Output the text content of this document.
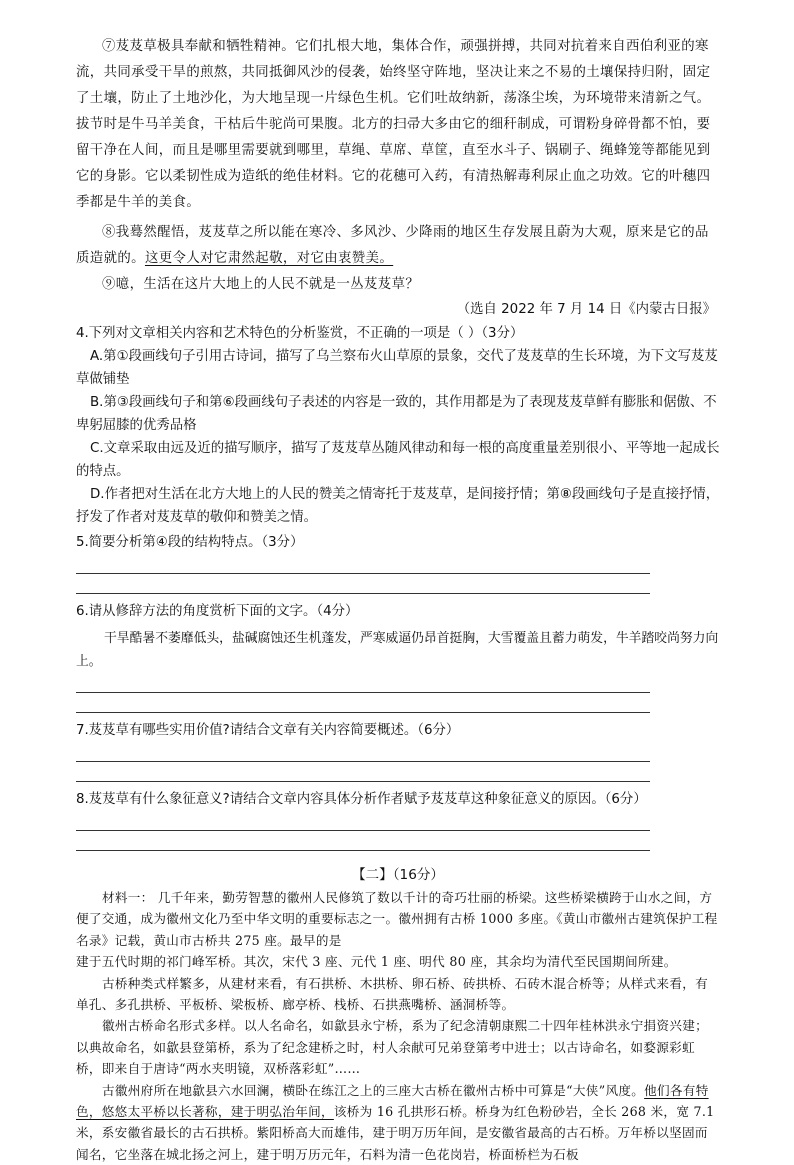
⑦芨芨草极具奉献和牺牲精神。它们扎根大地，集体合作，顽强拼搏，共同对抗着来自西伯利亚的寒流，共同承受干旱的煎熬，共同抵御风沙的侵袭，始终坚守阵地，坚决让来之不易的土壤保持归附，固定了土壤，防止了土地沙化，为大地呈现一片绿色生机。它们吐故纳新，荡涤尘埃，为环境带来清新之气。拔节时是牛马羊美食，干枯后牛驼尚可果腹。北方的扫帚大多由它的细秆制成，可谓粉身碎骨都不怕，要留干净在人间，而且是哪里需要就到哪里，草绳、草席、草筐，直至水斗子、锅刷子、绳蜂笼等都能见到它的身影。它以柔韧性成为造纸的绝佳材料。它的花穗可入药，有清热解毒利尿止血之功效。它的叶穗四季都是牛羊的美食。

⑧我蓦然醒悟，芨芨草之所以能在寒冷、多风沙、少降雨的地区生存发展且蔚为大观，原来是它的品质造就的。这更令人对它肃然起敬，对它由衷赞美。

⑨噫，生活在这片大地上的人民不就是一丛芨芨草？

（选自 2022 年 7 月 14 日《内蒙古日报》

4.下列对文章相关内容和艺术特色的分析鉴赏，不正确的一项是（ ）（3分）

A.第①段画线句子引用古诗词，描写了乌兰察布火山草原的景象，交代了芨芨草的生长环境，为下文写芨芨草做铺垫

B.第③段画线句子和第⑥段画线句子表述的内容是一致的，其作用都是为了表现芨芨草鲜有膨胀和倨傲、不卑躬屈膝的优秀品格

C.文章采取由远及近的描写顺序，描写了芨芨草丛随风律动和每一根的高度重量差别很小、平等地一起成长的特点。

D.作者把对生活在北方大地上的人民的赞美之情寄托于芨芨草，是间接抒情；第⑧段画线句子是直接抒情，抒发了作者对芨芨草的敬仰和赞美之情。

5.简要分析第④段的结构特点。（3分）

6.请从修辞方法的角度赏析下面的文字。（4分）

干旱酷暑不萎靡低头，盐碱腐蚀还生机蓬发，严寒威逼仍昂首挺胸，大雪覆盖且蓄力萌发，牛羊踏咬尚努力向上。

7.芨芨草有哪些实用价值?请结合文章有关内容简要概述。（6分）

8.芨芨草有什么象征意义?请结合文章内容具体分析作者赋予芨芨草这种象征意义的原因。（6分）

【二】（16分）

材料一： 几千年来，勤劳智慧的徽州人民修筑了数以千计的奇巧壮丽的桥梁。这些桥梁横跨于山水之间，方便了交通，成为徽州文化乃至中华文明的重要标志之一。徽州拥有古桥 1000 多座。《黄山市徽州古建筑保护工程名录》记载，黄山市古桥共 275 座。最早的是

建于五代时期的祁门峰军桥。其次，宋代 3 座、元代 1 座、明代 80 座，其余均为清代至民国期间所建。

古桥种类式样繁多，从建材来看，有石拱桥、木拱桥、卵石桥、砖拱桥、石砖木混合桥等；从样式来看，有单孔、多孔拱桥、平板桥、梁板桥、廊亭桥、栈桥、石拱燕嘴桥、涵洞桥等。

徽州古桥命名形式多样。以人名命名，如歙县永宁桥，系为了纪念清朝康熙二十四年桂林洪永宁捐资兴建；以典故命名，如歙县登第桥，系为了纪念建桥之时，村人余献可兄弟登第考中进士；以古诗命名，如婺源彩虹桥，即来自于唐诗“两水夹明镜，双桥落彩虹”……

古徽州府所在地歙县六水回澜，横卧在练江之上的三座大古桥在徽州古桥中可算是“大侠”风度。他们各有特色，悠悠太平桥以长著称，建于明弘治年间，该桥为 16 孔拱形石桥。桥身为红色粉砂岩，全长 268 米，宽 7.1 米，系安徽省最长的古石拱桥。紫阳桥高大而雄伟，建于明万历年间，是安徽省最高的古石桥。万年桥以坚固而闻名，它坐落在城北扬之河上，建于明万历元年，石料为清一色花岗岩，桥面桥栏为石板
